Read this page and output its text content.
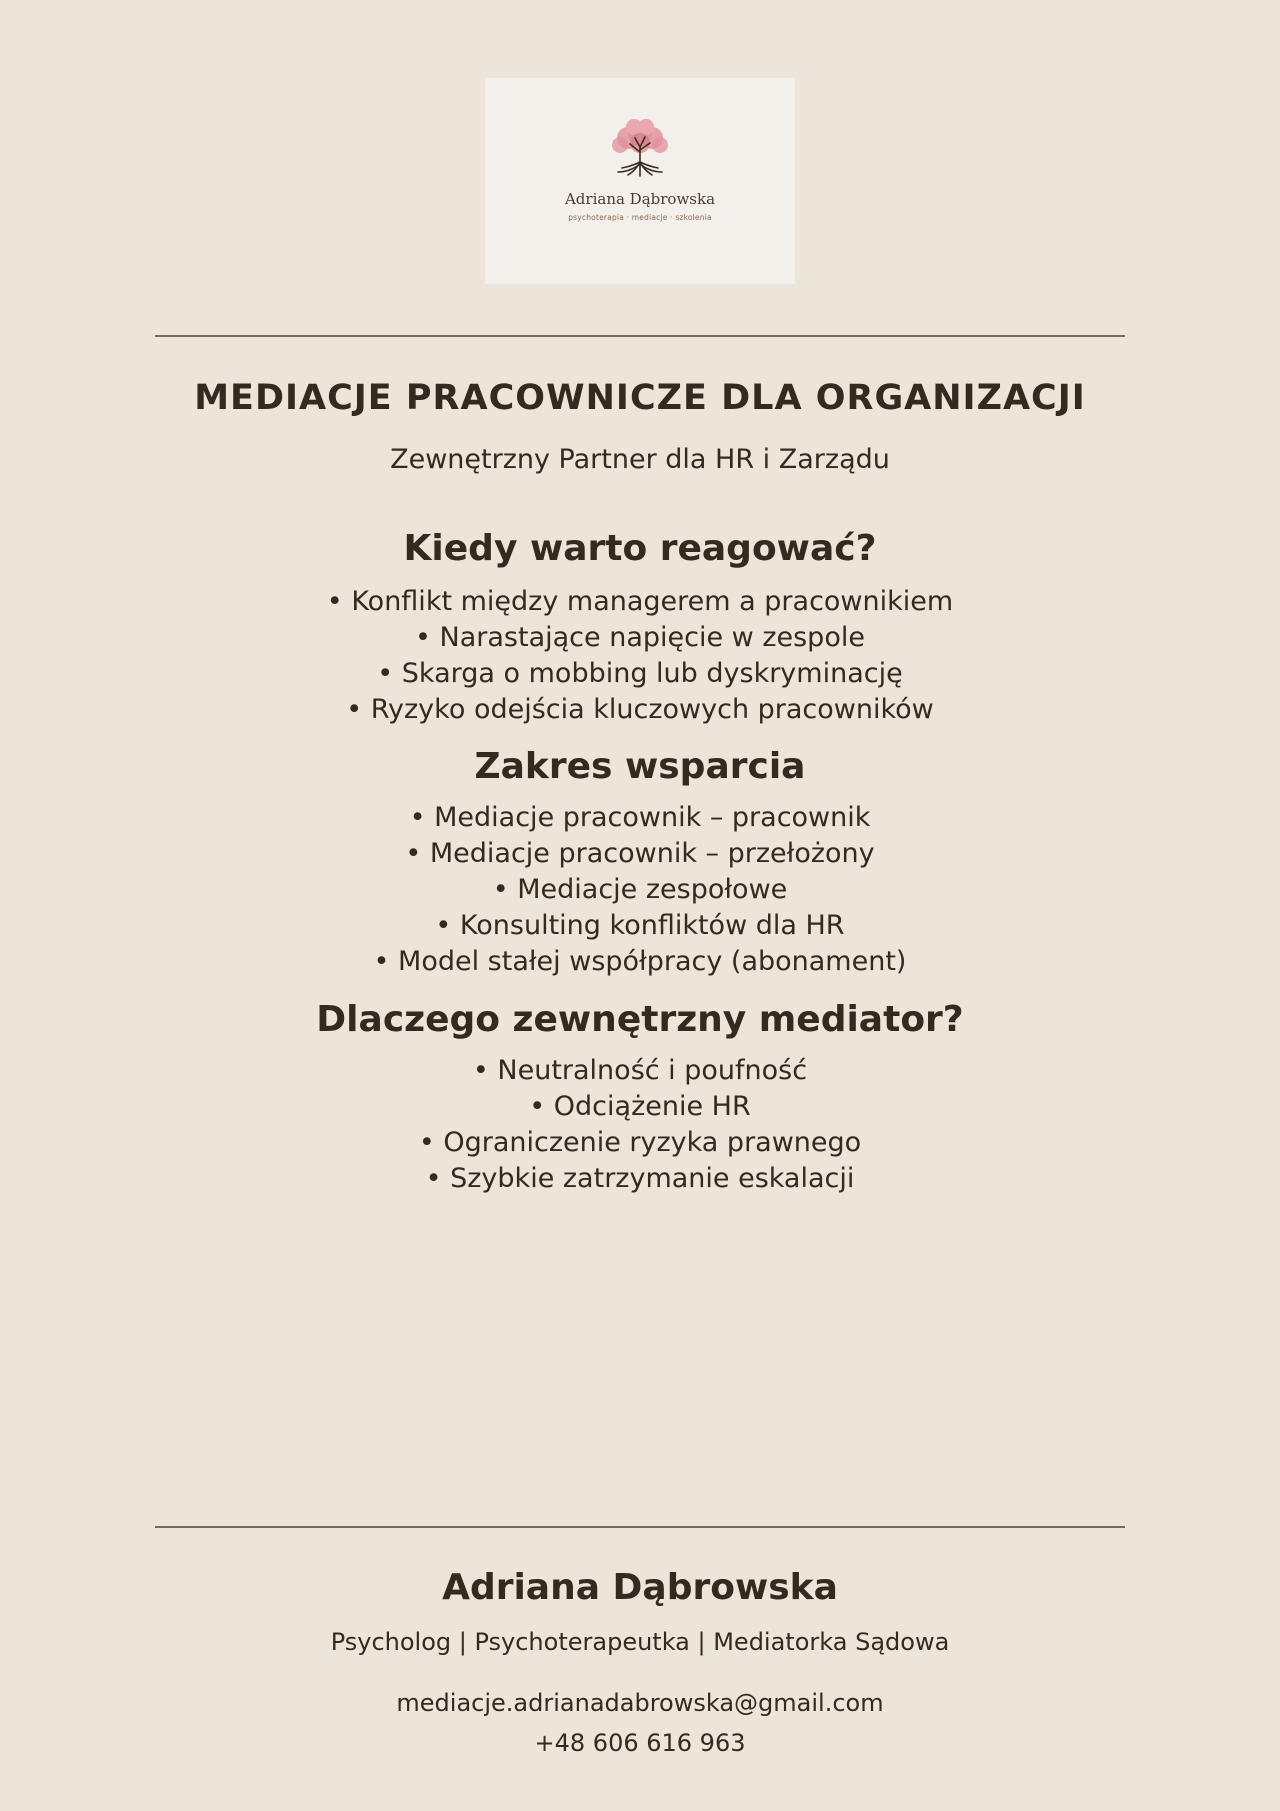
Adriana Dąbrowska
psychoterapia · mediacje · szkolenia
MEDIACJE PRACOWNICZE DLA ORGANIZACJI
Zewnętrzny Partner dla HR i Zarządu
Kiedy warto reagować?
• Konflikt między managerem a pracownikiem
• Narastające napięcie w zespole
• Skarga o mobbing lub dyskryminację
• Ryzyko odejścia kluczowych pracowników
Zakres wsparcia
• Mediacje pracownik – pracownik
• Mediacje pracownik – przełożony
• Mediacje zespołowe
• Konsulting konfliktów dla HR
• Model stałej współpracy (abonament)
Dlaczego zewnętrzny mediator?
• Neutralność i poufność
• Odciążenie HR
• Ograniczenie ryzyka prawnego
• Szybkie zatrzymanie eskalacji
Adriana Dąbrowska
Psycholog | Psychoterapeutka | Mediatorka Sądowa
mediacje.adrianadabrowska@gmail.com
+48 606 616 963
